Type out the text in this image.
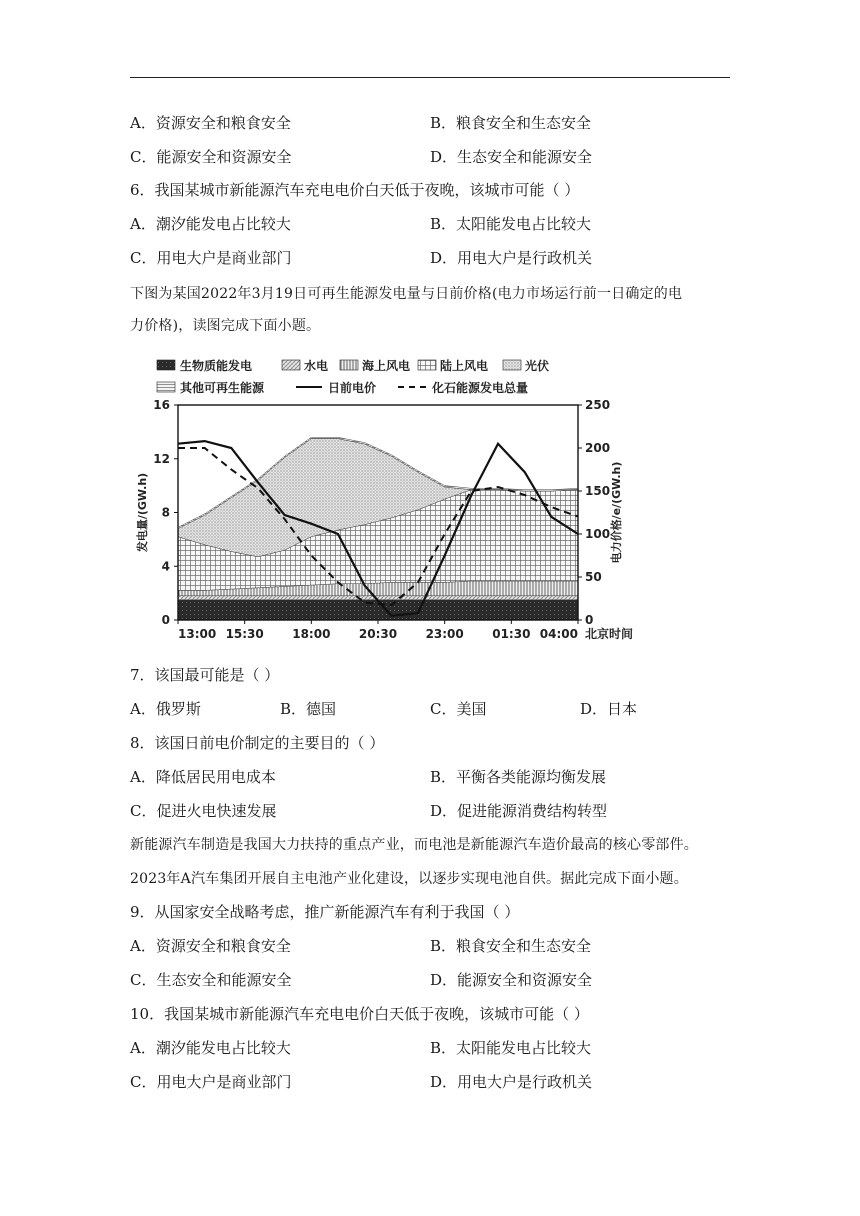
A．资源安全和粮食安全	B．粮食安全和生态安全
C．能源安全和资源安全	D．生态安全和能源安全
6．我国某城市新能源汽车充电电价白天低于夜晚，该城市可能（ ）
A．潮汐能发电占比较大	B．太阳能发电占比较大
C．用电大户是商业部门	D．用电大户是行政机关
下图为某国2022年3月19日可再生能源发电量与日前价格(电力市场运行前一日确定的电
力价格)，读图完成下面小题。
生物质能发电	水电	海上风电 陆上风电	光伏
其他可再生能源	日前电价	化石能源发电总量
0
4
8
12
16
0
50
100
150
200
250
13:00 15:30 18:00 20:30 23:00 01:30 04:00
发电量/(GW.h)	电力价格/e/(GW.h)
北京时间
7．该国最可能是（ ）
A．俄罗斯	B．德国	C．美国	D．日本
8．该国日前电价制定的主要目的（ ）
A．降低居民用电成本	B．平衡各类能源均衡发展
C．促进火电快速发展	D．促进能源消费结构转型
新能源汽车制造是我国大力扶持的重点产业，而电池是新能源汽车造价最高的核心零部件。
2023年A汽车集团开展自主电池产业化建设，以逐步实现电池自供。据此完成下面小题。
9．从国家安全战略考虑，推广新能源汽车有利于我国（ ）
A．资源安全和粮食安全	B．粮食安全和生态安全
C．生态安全和能源安全	D．能源安全和资源安全
10．我国某城市新能源汽车充电电价白天低于夜晚，该城市可能（ ）
A．潮汐能发电占比较大	B．太阳能发电占比较大
C．用电大户是商业部门	D．用电大户是行政机关
